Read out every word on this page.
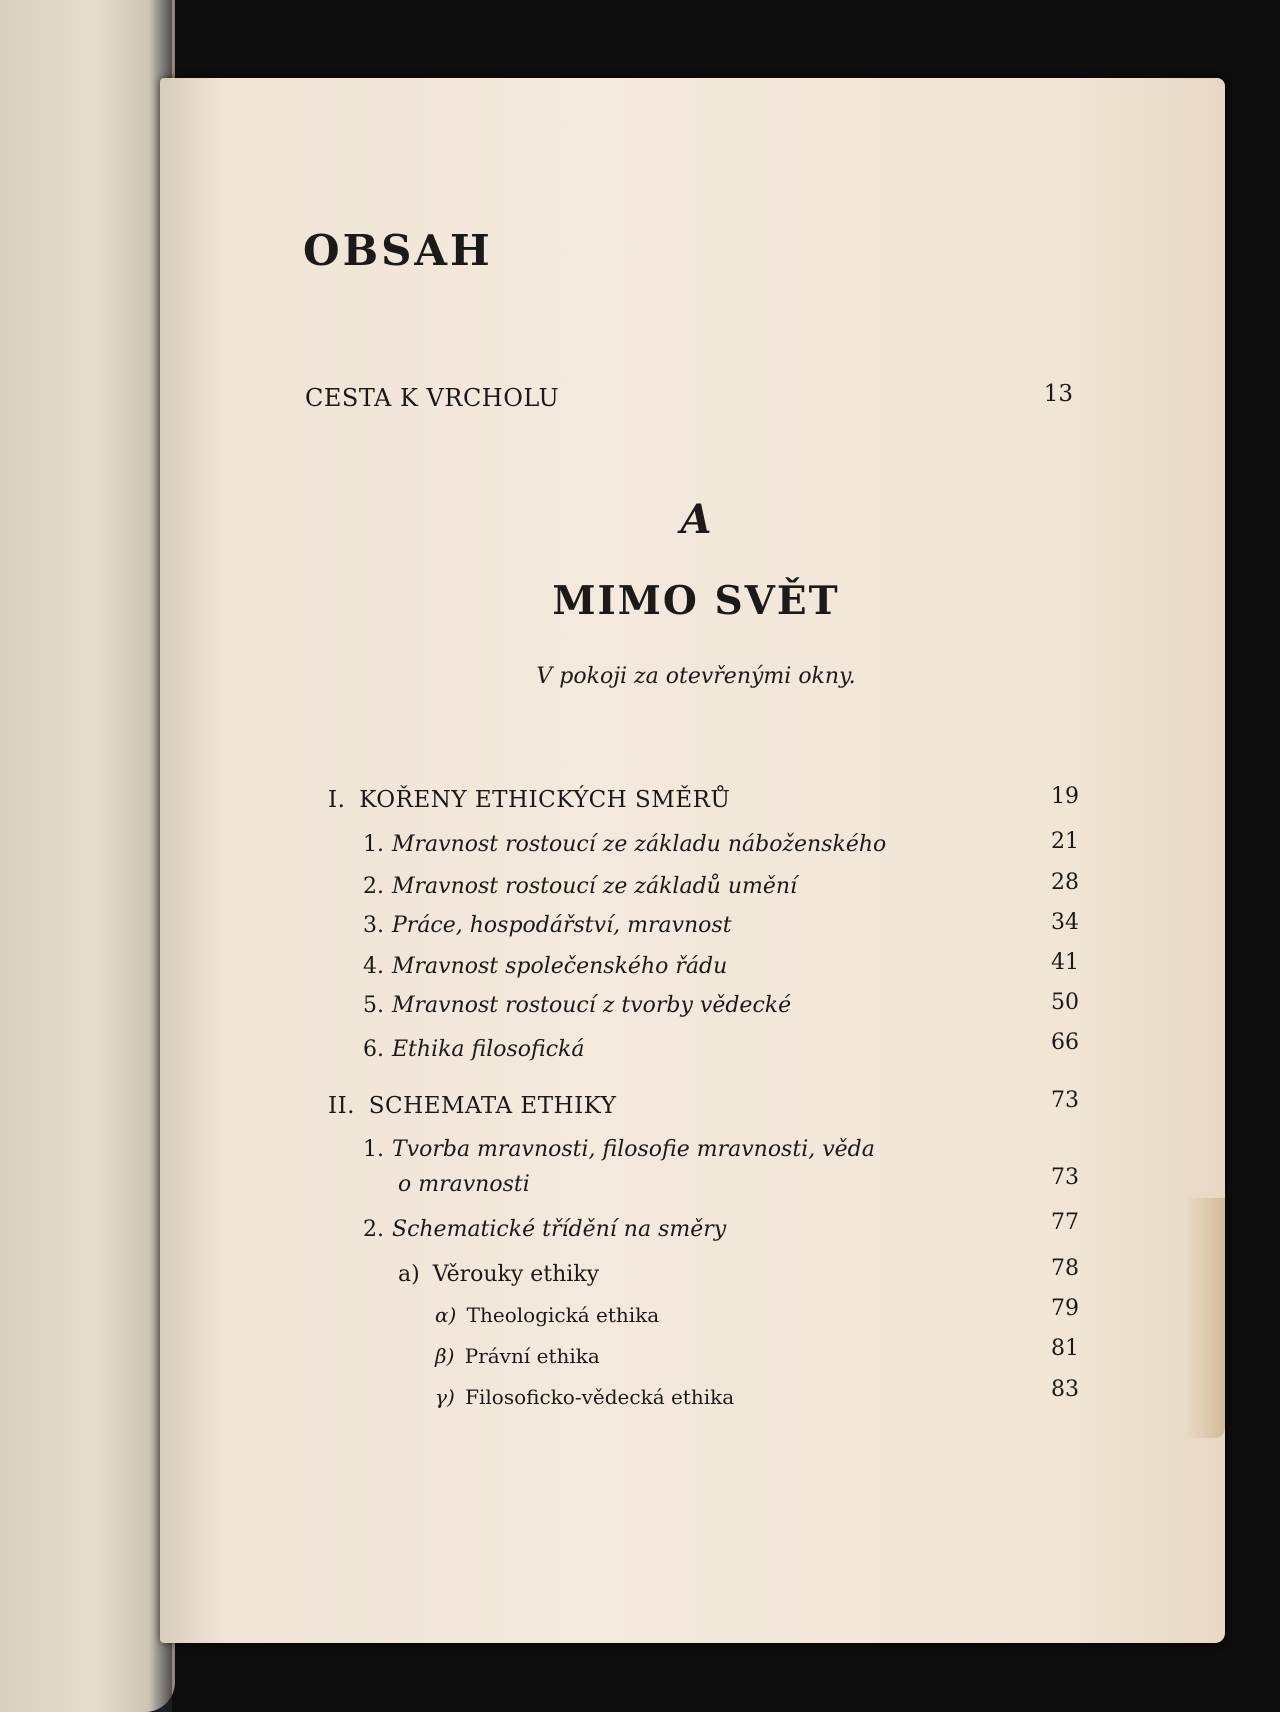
OBSAH
CESTA K VRCHOLU	13
A
MIMO SVĚT
V pokoji za otevřenými okny.
I. KOŘENY ETHICKÝCH SMĚRŮ	19
1. Mravnost rostoucí ze základu náboženského	21
2. Mravnost rostoucí ze základů umění	28
3. Práce, hospodářství, mravnost	34
4. Mravnost společenského řádu	41
5. Mravnost rostoucí z tvorby vědecké	50
6. Ethika filosofická	66
II. SCHEMATA ETHIKY	73
1. Tvorba mravnosti, filosofie mravnosti, věda
o mravnosti	73
2. Schematické třídění na směry	77
a) Věrouky ethiky	78
α) Theologická ethika	79
β) Právní ethika	81
γ) Filosoficko-vědecká ethika	83
